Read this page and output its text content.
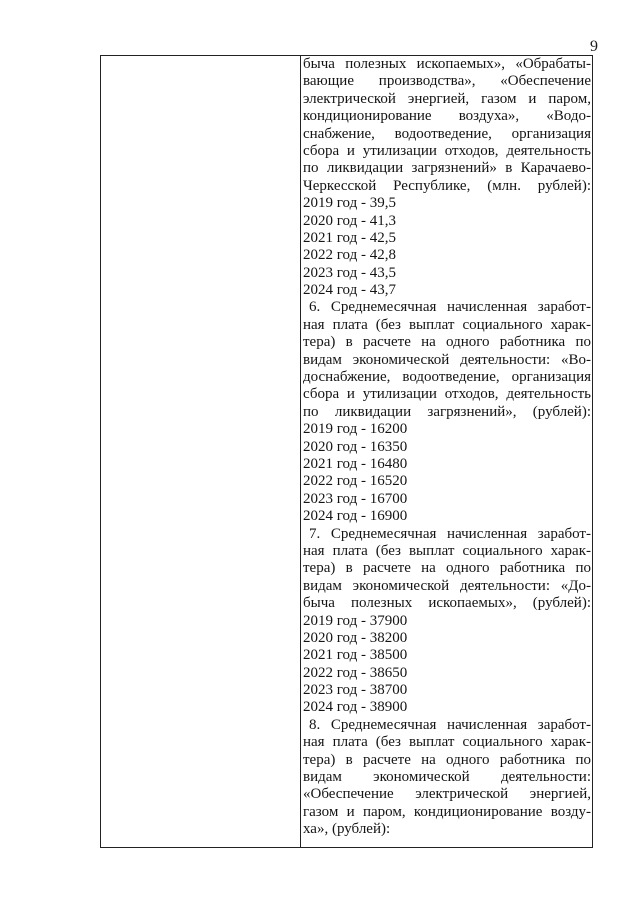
9
бычa полезных ископаемых», «Обрабаты-
вающие производства», «Обеспечение
электрической энергией, газом и паром,
кондиционирование воздуха», «Водо-
снабжение, водоотведение, организация
сбора и утилизации отходов, деятельность
по ликвидации загрязнений» в Карачаево-
Черкесской Республике, (млн. рублей):
2019 год - 39,5
2020 год - 41,3
2021 год - 42,5
2022 год - 42,8
2023 год - 43,5
2024 год - 43,7
6. Среднемесячная начисленная заработ-
ная плата (без выплат социального харак-
тера) в расчете на одного работника по
видам экономической деятельности: «Во-
доснабжение, водоотведение, организация
сбора и утилизации отходов, деятельность
по ликвидации загрязнений», (рублей):
2019 год - 16200
2020 год - 16350
2021 год - 16480
2022 год - 16520
2023 год - 16700
2024 год - 16900
7. Среднемесячная начисленная заработ-
ная плата (без выплат социального харак-
тера) в расчете на одного работника по
видам экономической деятельности: «До-
быча полезных ископаемых», (рублей):
2019 год - 37900
2020 год - 38200
2021 год - 38500
2022 год - 38650
2023 год - 38700
2024 год - 38900
8. Среднемесячная начисленная заработ-
ная плата (без выплат социального харак-
тера) в расчете на одного работника по
видам экономической деятельности:
«Обеспечение электрической энергией,
газом и паром, кондиционирование возду-
ха», (рублей):
